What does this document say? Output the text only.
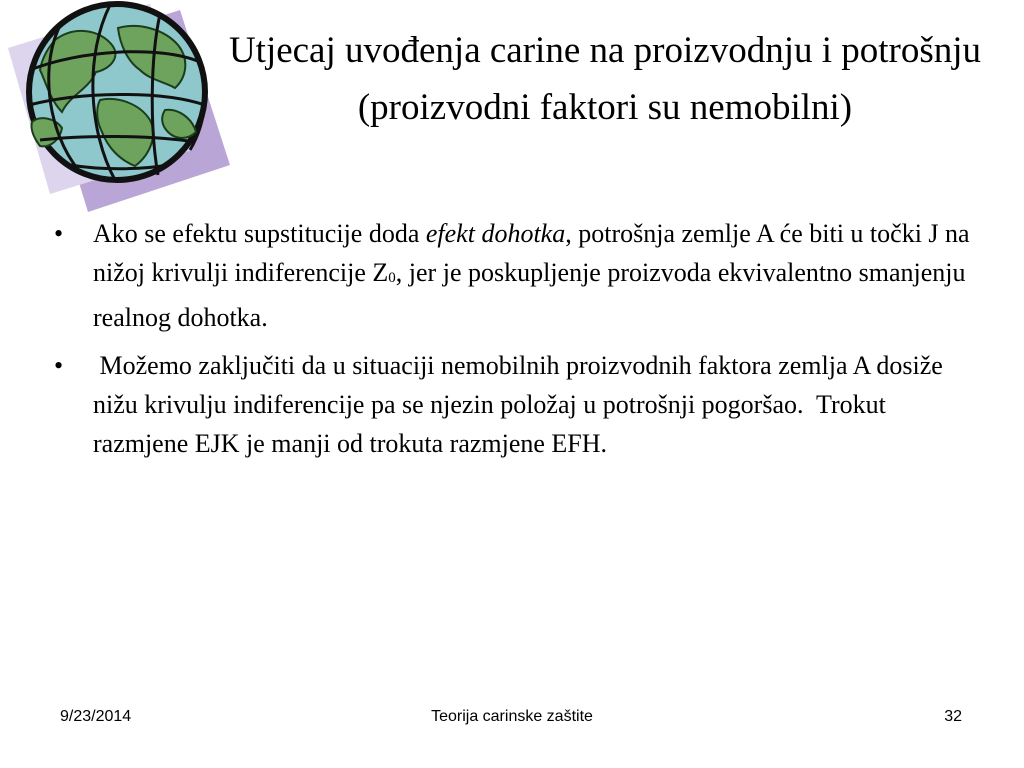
Utjecaj uvođenja carine na proizvodnju i potrošnju (proizvodni faktori su nemobilni)
• Ako se efektu supstitucije doda efekt dohotka, potrošnja zemlje A će biti u točki J na nižoj krivulji indiferencije Z0, jer je poskupljenje proizvoda ekvivalentno smanjenju realnog dohotka.
• Možemo zaključiti da u situaciji nemobilnih proizvodnih faktora zemlja A dosiže nižu krivulju indiferencije pa se njezin položaj u potrošnji pogoršao.  Trokut razmjene EJK je manji od trokuta razmjene EFH.
9/23/2014	Teorija carinske zaštite	32
